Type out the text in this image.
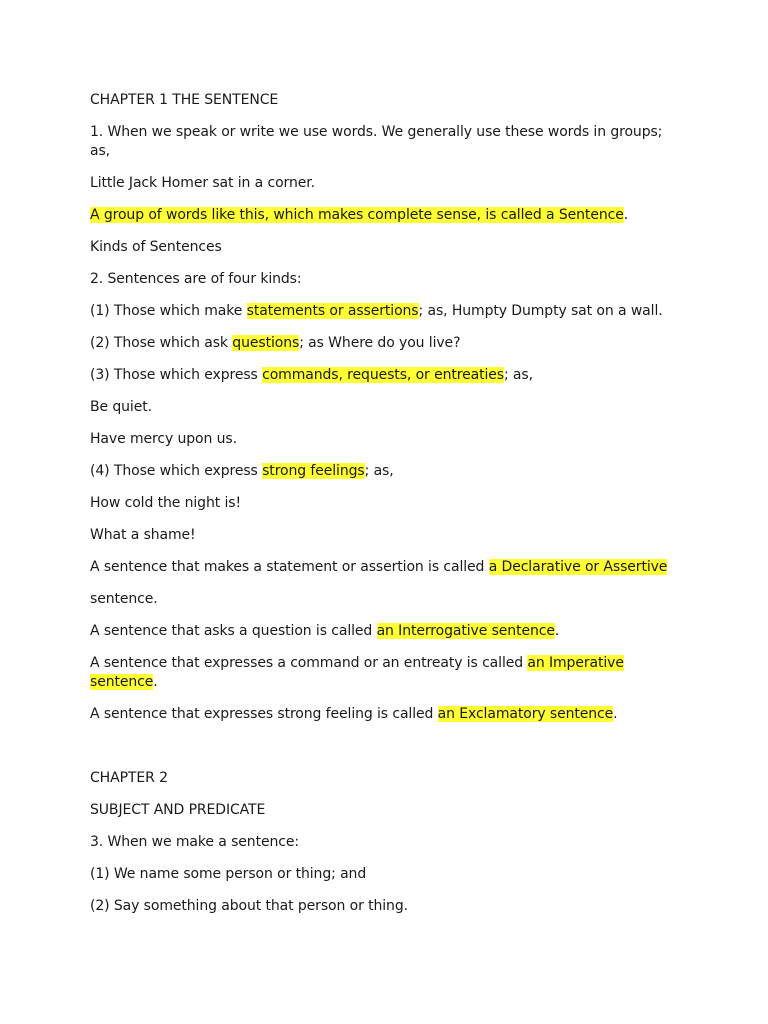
CHAPTER 1 THE SENTENCE

1. When we speak or write we use words. We generally use these words in groups; as,

Little Jack Homer sat in a corner.

A group of words like this, which makes complete sense, is called a Sentence.

Kinds of Sentences

2. Sentences are of four kinds:

(1) Those which make statements or assertions; as, Humpty Dumpty sat on a wall.

(2) Those which ask questions; as Where do you live?

(3) Those which express commands, requests, or entreaties; as,

Be quiet.

Have mercy upon us.

(4) Those which express strong feelings; as,

How cold the night is!

What a shame!

A sentence that makes a statement or assertion is called a Declarative or Assertive

sentence.

A sentence that asks a question is called an Interrogative sentence.

A sentence that expresses a command or an entreaty is called an Imperative sentence.

A sentence that expresses strong feeling is called an Exclamatory sentence.

CHAPTER 2

SUBJECT AND PREDICATE

3. When we make a sentence:

(1) We name some person or thing; and

(2) Say something about that person or thing.
